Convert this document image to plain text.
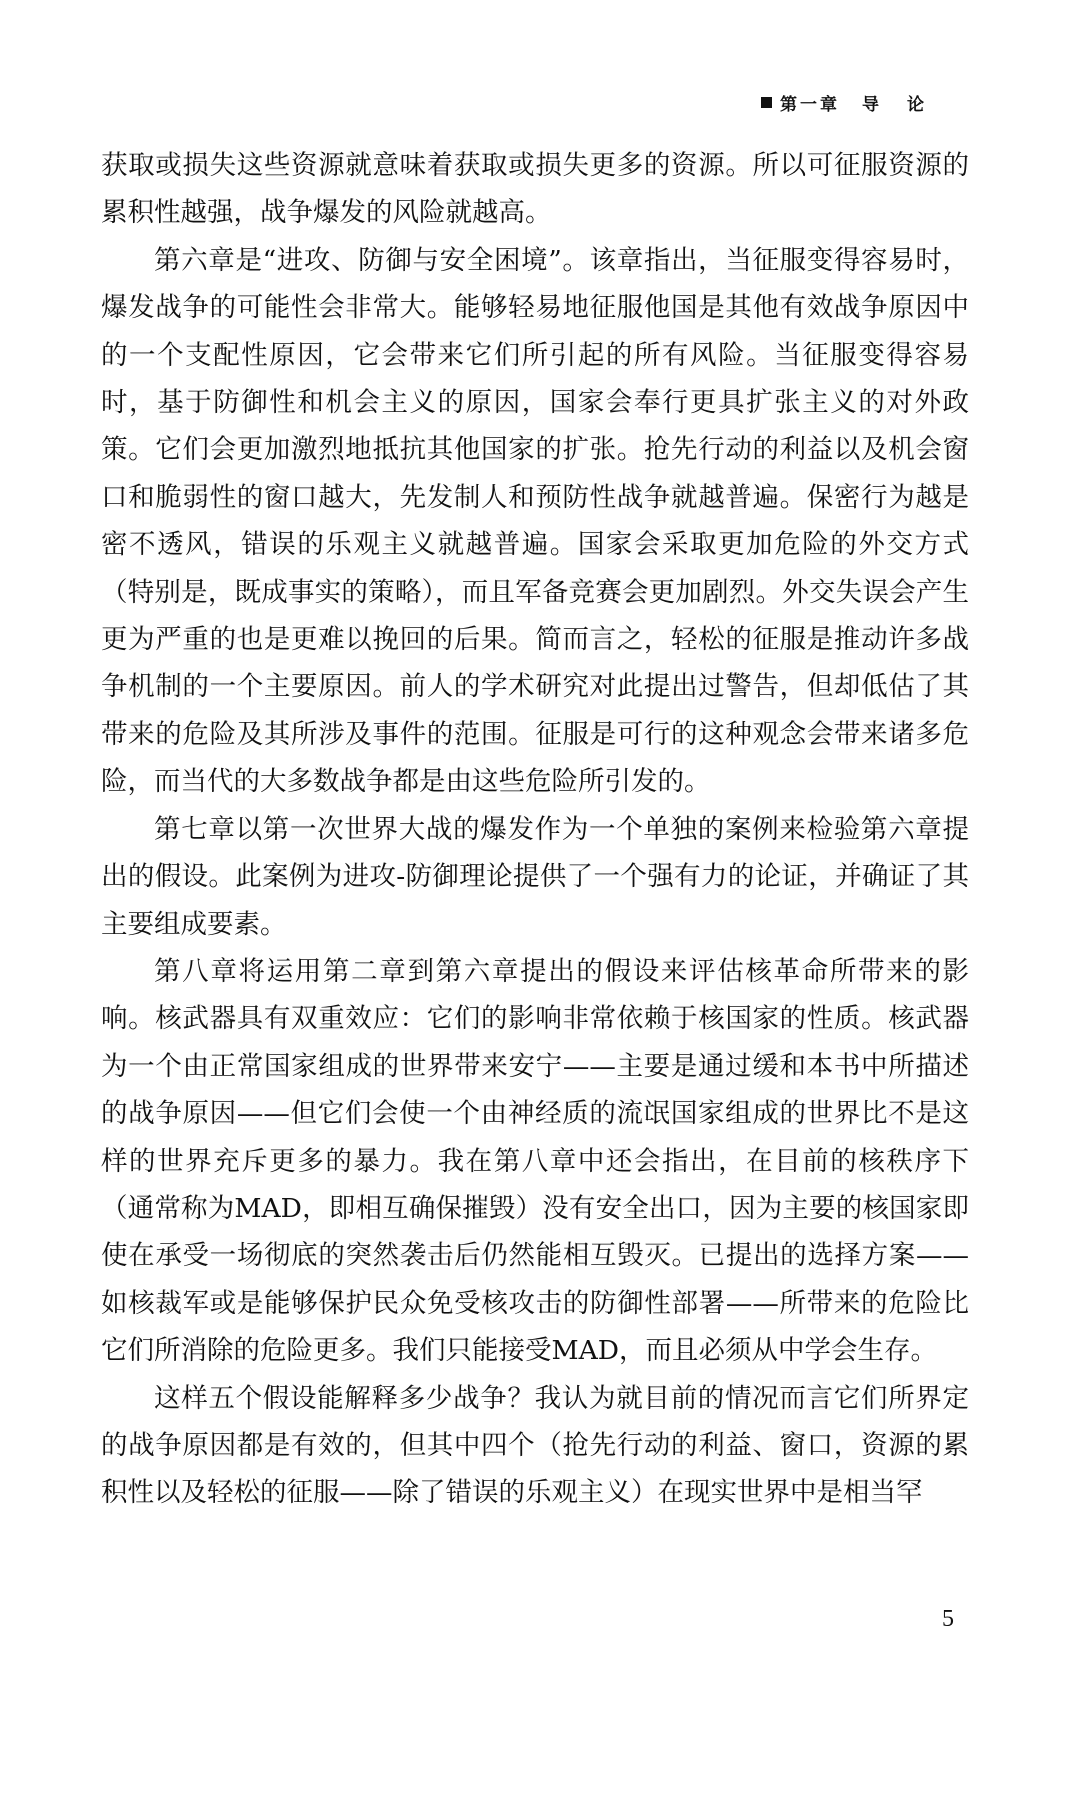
第一章 导论

获取或损失这些资源就意味着获取或损失更多的资源。所以可征服资源的累积性越强，战争爆发的风险就越高。

第六章是“进攻、防御与安全困境”。该章指出，当征服变得容易时，爆发战争的可能性会非常大。能够轻易地征服他国是其他有效战争原因中的一个支配性原因，它会带来它们所引起的所有风险。当征服变得容易时，基于防御性和机会主义的原因，国家会奉行更具扩张主义的对外政策。它们会更加激烈地抵抗其他国家的扩张。抢先行动的利益以及机会窗口和脆弱性的窗口越大，先发制人和预防性战争就越普遍。保密行为越是密不透风，错误的乐观主义就越普遍。国家会采取更加危险的外交方式（特别是，既成事实的策略），而且军备竞赛会更加剧烈。外交失误会产生更为严重的也是更难以挽回的后果。简而言之，轻松的征服是推动许多战争机制的一个主要原因。前人的学术研究对此提出过警告，但却低估了其带来的危险及其所涉及事件的范围。征服是可行的这种观念会带来诸多危险，而当代的大多数战争都是由这些危险所引发的。

第七章以第一次世界大战的爆发作为一个单独的案例来检验第六章提出的假设。此案例为进攻-防御理论提供了一个强有力的论证，并确证了其主要组成要素。

第八章将运用第二章到第六章提出的假设来评估核革命所带来的影响。核武器具有双重效应：它们的影响非常依赖于核国家的性质。核武器为一个由正常国家组成的世界带来安宁——主要是通过缓和本书中所描述的战争原因——但它们会使一个由神经质的流氓国家组成的世界比不是这样的世界充斥更多的暴力。我在第八章中还会指出，在目前的核秩序下（通常称为MAD，即相互确保摧毁）没有安全出口，因为主要的核国家即使在承受一场彻底的突然袭击后仍然能相互毁灭。已提出的选择方案——如核裁军或是能够保护民众免受核攻击的防御性部署——所带来的危险比它们所消除的危险更多。我们只能接受MAD，而且必须从中学会生存。

这样五个假设能解释多少战争？我认为就目前的情况而言它们所界定的战争原因都是有效的，但其中四个（抢先行动的利益、窗口，资源的累积性以及轻松的征服——除了错误的乐观主义）在现实世界中是相当罕

5
